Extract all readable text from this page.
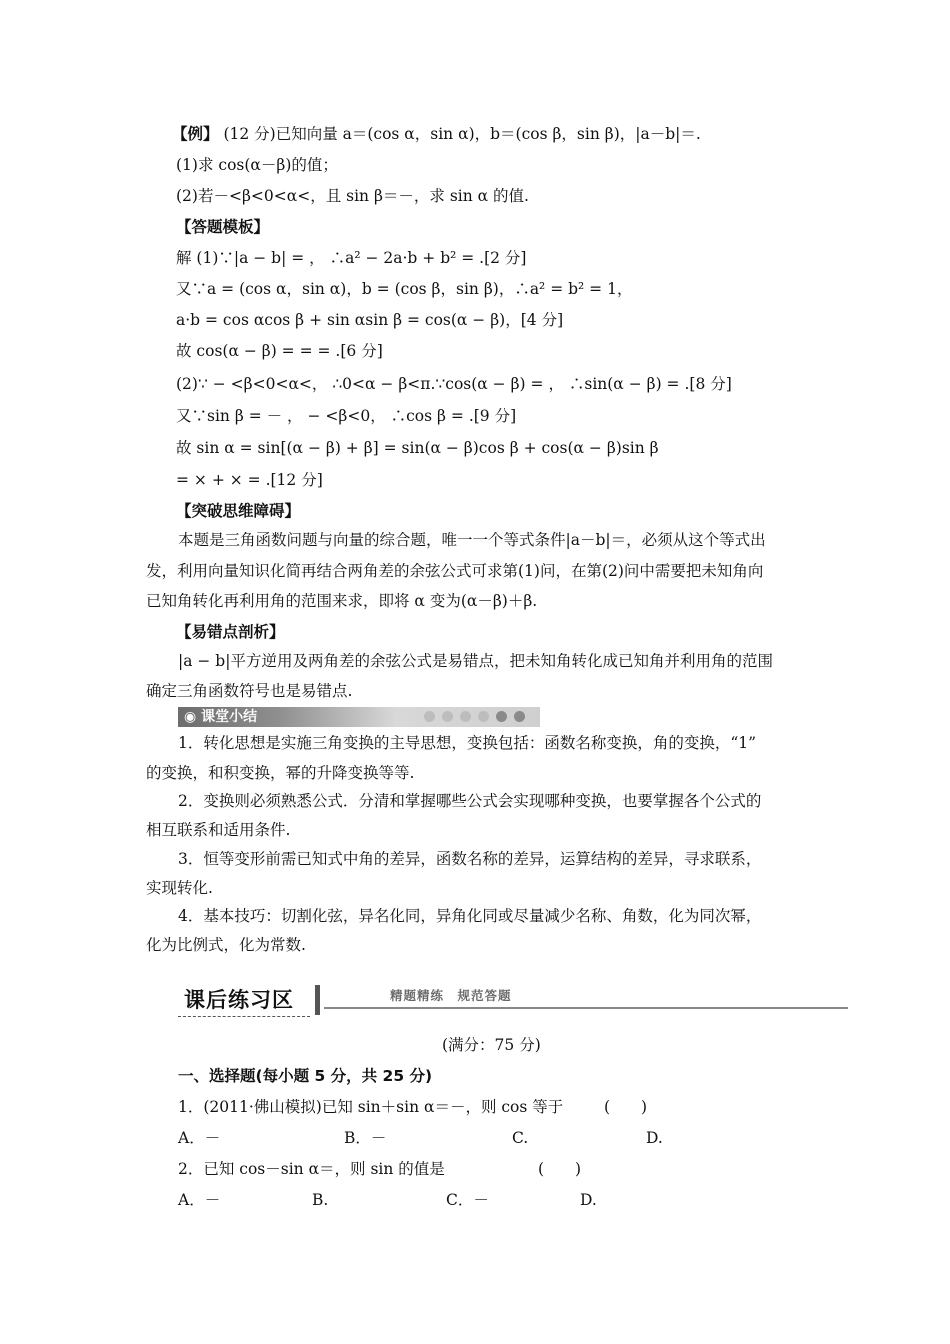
【例】 (12 分)已知向量 a＝(cos α，sin α)，b＝(cos β，sin β)，|a－b|＝.
(1)求 cos(α－β)的值；
(2)若－<β<0<α<，且 sin β＝－，求 sin α 的值.
【答题模板】
解 (1)∵|a − b| = ， ∴a² − 2a·b + b² = .[2 分]
又∵a = (cos α，sin α)，b = (cos β，sin β)，∴a² = b² = 1，
a·b = cos αcos β + sin αsin β = cos(α − β)，[4 分]
故 cos(α − β) = = = .[6 分]
(2)∵ − <β<0<α<， ∴0<α − β<π.∵cos(α − β) = ， ∴sin(α − β) = .[8 分]
又∵sin β = － ， − <β<0， ∴cos β = .[9 分]
故 sin α = sin[(α − β) + β] = sin(α − β)cos β + cos(α − β)sin β
= × + × = .[12 分]
【突破思维障碍】
本题是三角函数问题与向量的综合题，唯一一个等式条件|a－b|＝，必须从这个等式出
发，利用向量知识化简再结合两角差的余弦公式可求第(1)问，在第(2)问中需要把未知角向
已知角转化再利用角的范围来求，即将 α 变为(α－β)＋β.
【易错点剖析】
|a − b|平方逆用及两角差的余弦公式是易错点，把未知角转化成已知角并利用角的范围
确定三角函数符号也是易错点.
◉ 课堂小结
1．转化思想是实施三角变换的主导思想，变换包括：函数名称变换，角的变换，“1”
的变换，和积变换，幂的升降变换等等.
2．变换则必须熟悉公式．分清和掌握哪些公式会实现哪种变换，也要掌握各个公式的
相互联系和适用条件.
3．恒等变形前需已知式中角的差异，函数名称的差异，运算结构的差异，寻求联系，
实现转化.
4．基本技巧：切割化弦，异名化同，异角化同或尽量减少名称、角数，化为同次幂，
化为比例式，化为常数.
课后练习区	精题精练　规范答题
(满分：75 分)
一、选择题(每小题 5 分，共 25 分)
1．(2011·佛山模拟)已知 sin＋sin α＝－，则 cos 等于	(　　)
A．－	B．－	C.	D.
2．已知 cos－sin α＝，则 sin 的值是	(　　)
A．－	B.	C．－	D.
